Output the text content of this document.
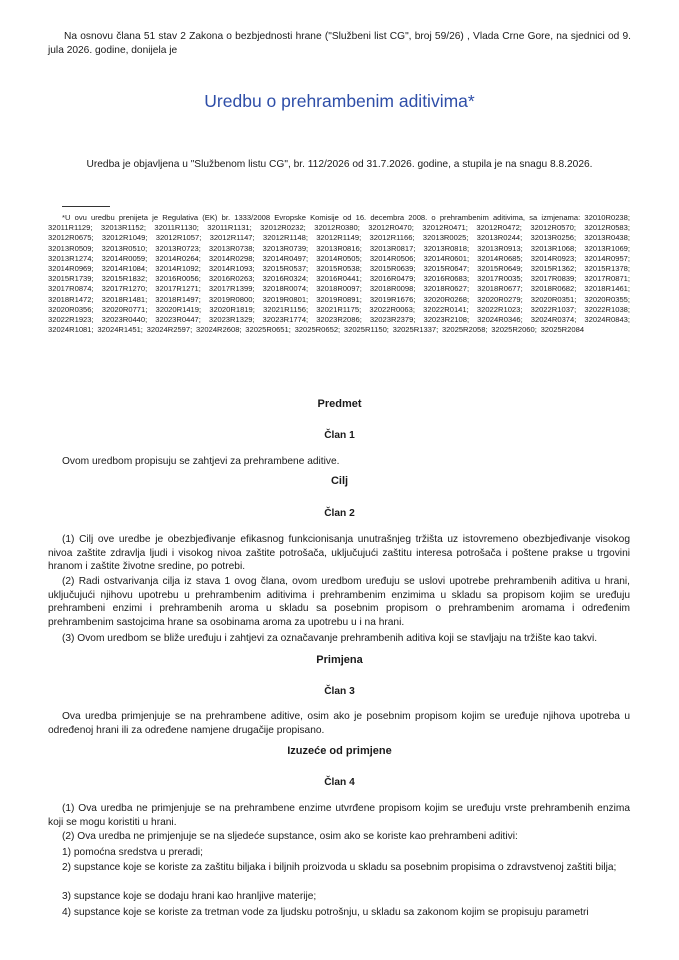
Na osnovu člana 51 stav 2 Zakona o bezbjednosti hrane ("Službeni list CG", broj 59/26) , Vlada Crne Gore, na sjednici od 9. jula 2026. godine, donijela je

Uredbu o prehrambenim aditivima*

Uredba je objavljena u "Službenom listu CG", br. 112/2026 od 31.7.2026. godine, a stupila je na snagu 8.8.2026.

*U ovu uredbu prenijeta je Regulativa (EK) br. 1333/2008 Evropske Komisije od 16. decembra 2008. o prehrambenim aditivima, sa izmjenama: 32010R0238; 32011R1129; 32013R1152; 32011R1130; 32011R1131; 32012R0232; 32012R0380; 32012R0470; 32012R0471; 32012R0472; 32012R0570; 32012R0583; 32012R0675; 32012R1049; 32012R1057; 32012R1147; 32012R1148; 32012R1149; 32012R1166; 32013R0025; 32013R0244; 32013R0256; 32013R0438; 32013R0509; 32013R0510; 32013R0723; 32013R0738; 32013R0739; 32013R0816; 32013R0817; 32013R0818; 32013R0913; 32013R1068; 32013R1069; 32013R1274; 32014R0059; 32014R0264; 32014R0298; 32014R0497; 32014R0505; 32014R0506; 32014R0601; 32014R0685; 32014R0923; 32014R0957; 32014R0969; 32014R1084; 32014R1092; 32014R1093; 32015R0537; 32015R0538; 32015R0639; 32015R0647; 32015R0649; 32015R1362; 32015R1378; 32015R1739; 32015R1832; 32016R0056; 32016R0263; 32016R0324; 32016R0441; 32016R0479; 32016R0683; 32017R0035; 32017R0839; 32017R0871; 32017R0874; 32017R1270; 32017R1271; 32017R1399; 32018R0074; 32018R0097; 32018R0098; 32018R0627; 32018R0677; 32018R0682; 32018R1461; 32018R1472; 32018R1481; 32018R1497; 32019R0800; 32019R0801; 32019R0891; 32019R1676; 32020R0268; 32020R0279; 32020R0351; 32020R0355; 32020R0356; 32020R0771; 32020R1419; 32020R1819; 32021R1156; 32021R1175; 32022R0063; 32022R0141; 32022R1023; 32022R1037; 32022R1038; 32022R1923; 32023R0440; 32023R0447; 32023R1329; 32023R1774; 32023R2086; 32023R2379; 32023R2108; 32024R0346; 32024R0374; 32024R0843; 32024R1081; 32024R1451; 32024R2597; 32024R2608; 32025R0651; 32025R0652; 32025R1150; 32025R1337; 32025R2058; 32025R2060; 32025R2084

Predmet
Član 1

Ovom uredbom propisuju se zahtjevi za prehrambene aditive.

Cilj
Član 2

(1) Cilj ove uredbe je obezbjeđivanje efikasnog funkcionisanja unutrašnjeg tržišta uz istovremeno obezbjeđivanje visokog nivoa zaštite zdravlja ljudi i visokog nivoa zaštite potrošača, uključujući zaštitu interesa potrošača i poštene prakse u trgovini hranom i zaštite životne sredine, po potrebi.

(2) Radi ostvarivanja cilja iz stava 1 ovog člana, ovom uredbom uređuju se uslovi upotrebe prehrambenih aditiva u hrani, uključujući njihovu upotrebu u prehrambenim aditivima i prehrambenim enzimima u skladu sa propisom kojim se uređuju prehrambeni enzimi i prehrambenih aroma u skladu sa posebnim propisom o prehrambenim aromama i određenim prehrambenim sastojcima hrane sa osobinama aroma za upotrebu u i na hrani.

(3) Ovom uredbom se bliže uređuju i zahtjevi za označavanje prehrambenih aditiva koji se stavljaju na tržište kao takvi.

Primjena
Član 3

Ova uredba primjenjuje se na prehrambene aditive, osim ako je posebnim propisom kojim se uređuje njihova upotreba u određenoj hrani ili za određene namjene drugačije propisano.

Izuzeće od primjene
Član 4

(1) Ova uredba ne primjenjuje se na prehrambene enzime utvrđene propisom kojim se uređuju vrste prehrambenih enzima koji se mogu koristiti u hrani.

(2) Ova uredba ne primjenjuje se na sljedeće supstance, osim ako se koriste kao prehrambeni aditivi:

1) pomoćna sredstva u preradi;

2) supstance koje se koriste za zaštitu biljaka i biljnih proizvoda u skladu sa posebnim propisima o zdravstvenoj zaštiti bilja;

3) supstance koje se dodaju hrani kao hranljive materije;

4) supstance koje se koriste za tretman vode za ljudsku potrošnju, u skladu sa zakonom kojim se propisuju parametri
